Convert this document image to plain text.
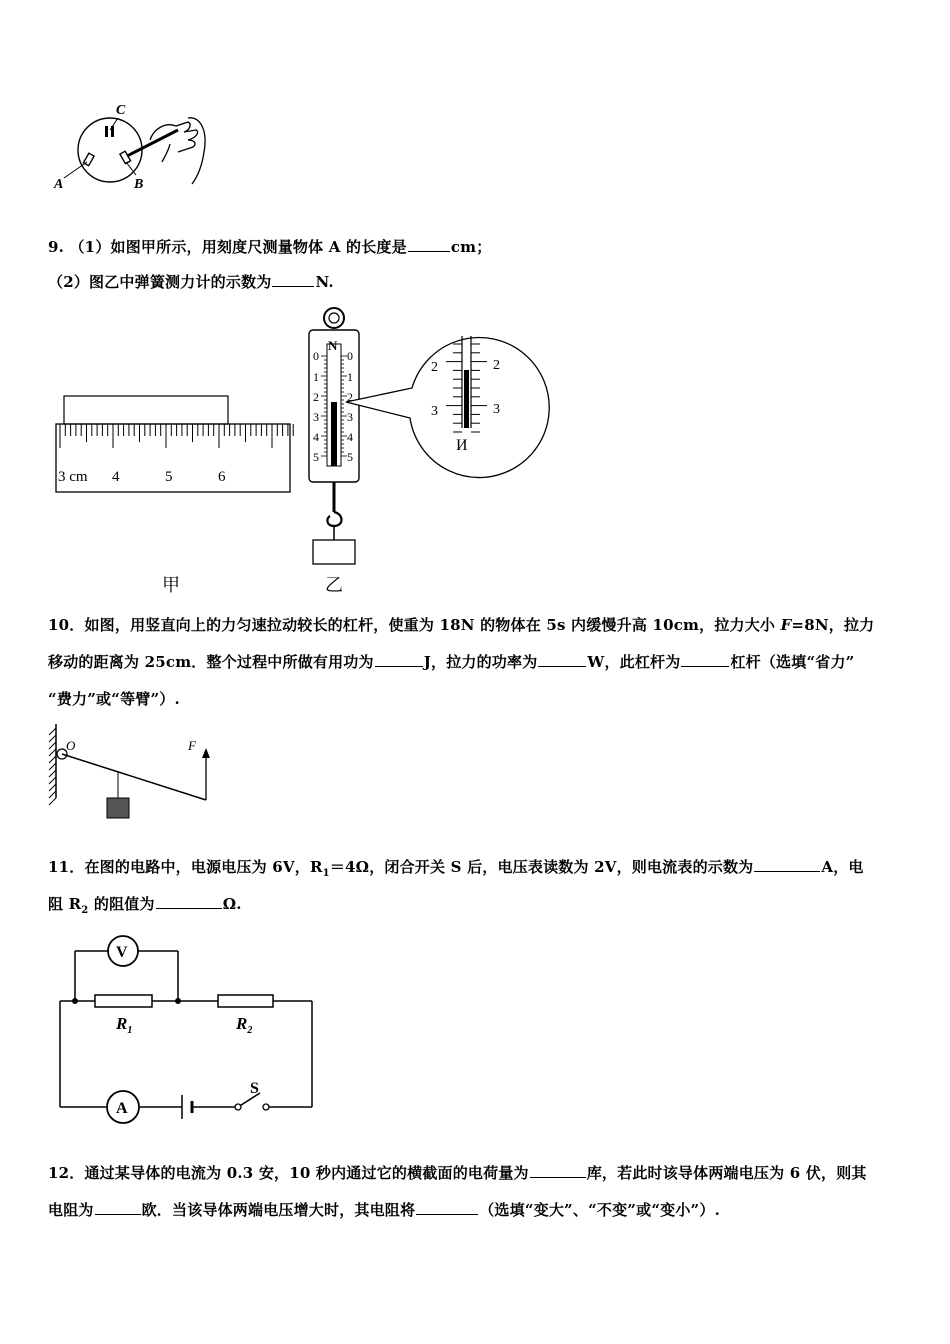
C
A	B
9. （1）如图甲所示，用刻度尺测量物体 A 的长度是	cm；
（2）图乙中弹簧测力计的示数为	N.
3 cm 4	5	6
N
0
1
2
3
4
5
0
1
2
3
4
5
2
3
2
3
И
甲	乙
10．如图，用竖直向上的力匀速拉动较长的杠杆，使重为 18N 的物体在 5s 内缓慢升高 10cm，拉力大小 F=8N，拉力
移动的距离为 25cm．整个过程中所做有用功为	J，拉力的功率为	W，此杠杆为	杠杆（选填“省力”
“费力”或“等臂”）.
O	F
11．在图的电路中，电源电压为 6V，$R_1=4\Omega$，闭合开关 S 后，电压表读数为 2V，则电流表的示数为	A，电
阻 $R_2$ 的阻值为	Ω.
V
$R_1$	$R_2$
A
S
12．通过某导体的电流为 0.3 安，10 秒内通过它的横截面的电荷量为	库，若此时该导体两端电压为 6 伏，则其
电阻为	欧．当该导体两端电压增大时，其电阻将	（选填“变大”、“不变”或“变小”）.
